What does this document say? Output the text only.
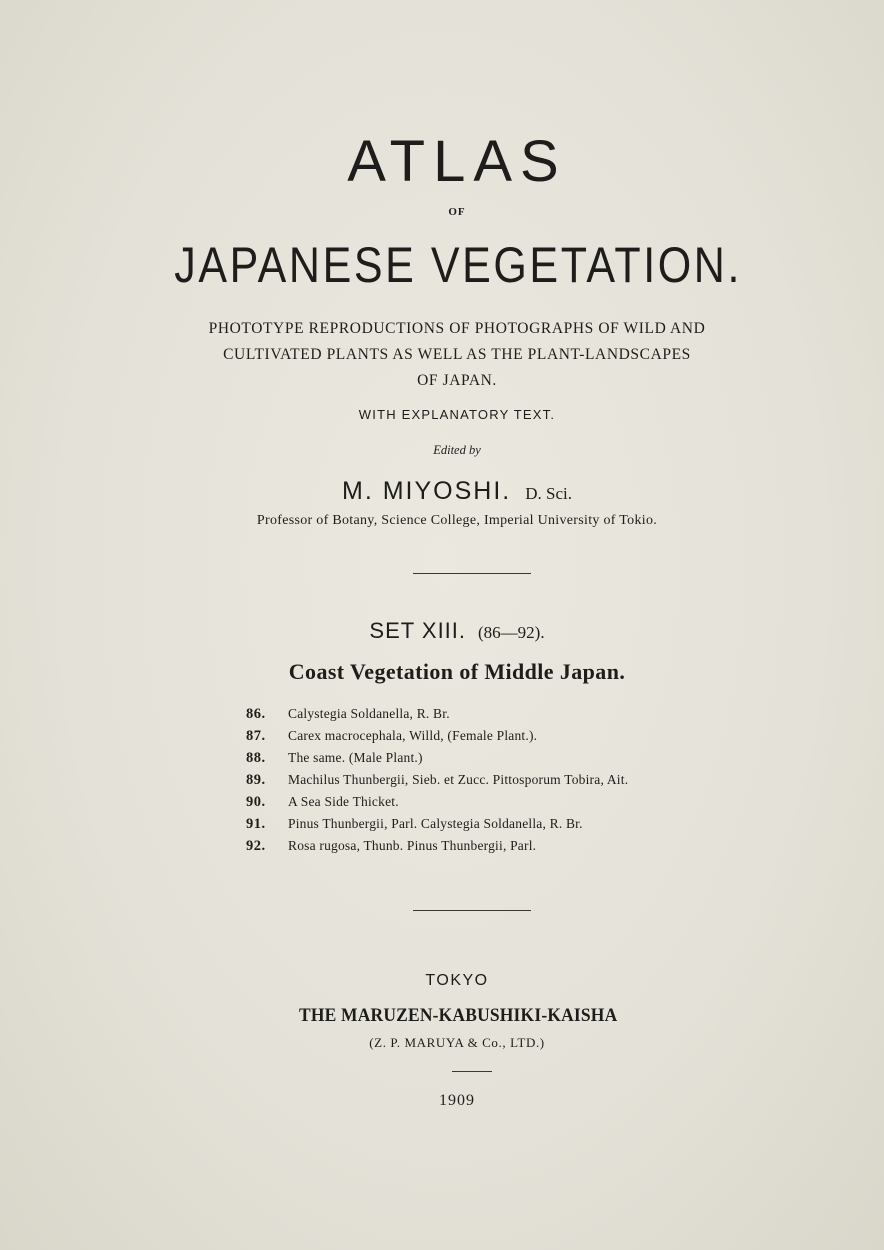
ATLAS
OF
JAPANESE VEGETATION.
PHOTOTYPE REPRODUCTIONS OF PHOTOGRAPHS OF WILD AND
CULTIVATED PLANTS AS WELL AS THE PLANT-LANDSCAPES
OF JAPAN.
WITH EXPLANATORY TEXT.
Edited by
M. MIYOSHI. D. Sci.
Professor of Botany, Science College, Imperial University of Tokio.
SET XIII. (86—92).
Coast Vegetation of Middle Japan.
86. Calystegia Soldanella, R. Br.
87. Carex macrocephala, Willd, (Female Plant.).
88. The same. (Male Plant.)
89. Machilus Thunbergii, Sieb. et Zucc. Pittosporum Tobira, Ait.
90. A Sea Side Thicket.
91. Pinus Thunbergii, Parl. Calystegia Soldanella, R. Br.
92. Rosa rugosa, Thunb. Pinus Thunbergii, Parl.
TOKYO
THE MARUZEN-KABUSHIKI-KAISHA
(Z. P. MARUYA & Co., LTD.)
1909
